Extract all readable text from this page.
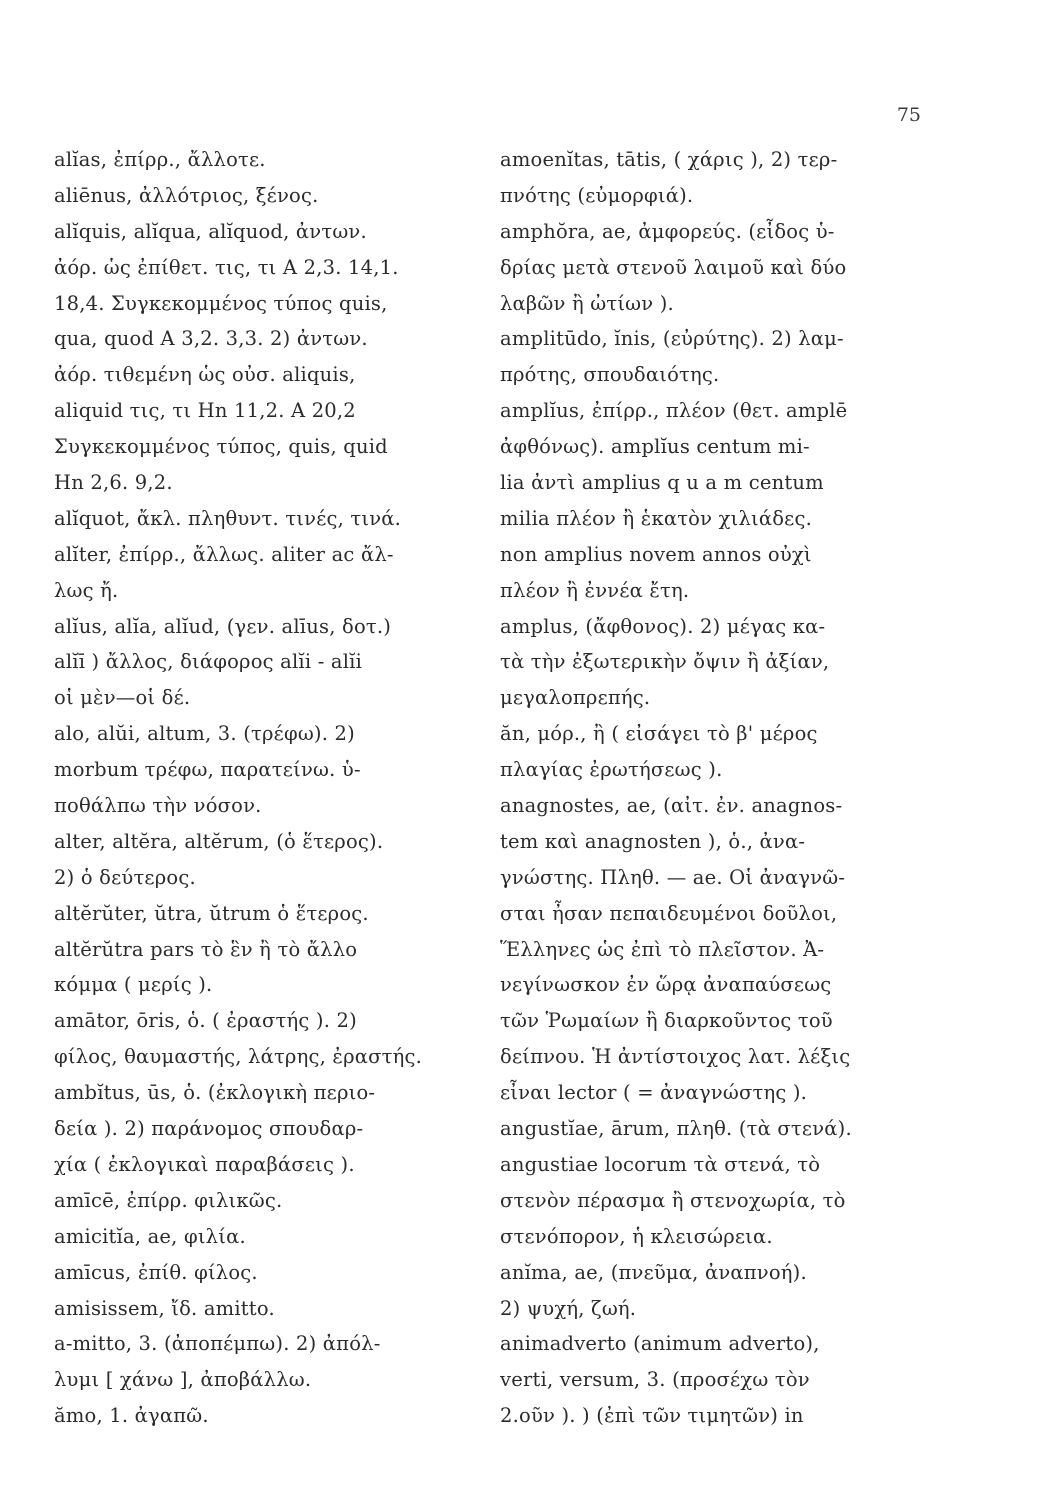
75
alĭas, ἐπίρρ., ἄλλοτε.
aliēnus, ἀλλότριος, ξένος.
alĭquis, alĭqua, alĭquod, ἀντων.
ἀόρ. ὡς ἐπίθετ. τις, τι A 2,3. 14,1.
18,4. Συγκεκομμένος τύπος quis,
qua, quod A 3,2. 3,3. 2) ἀντων.
ἀόρ. τιθεμένη ὡς οὐσ. aliquis,
aliquid τις, τι Hn 11,2. A 20,2
Συγκεκομμένος τύπος, quis, quid
Hn 2,6. 9,2.
alĭquot, ἄκλ. πληθυντ. τινές, τινά.
alĭter, ἐπίρρ., ἄλλως. aliter ac ἄλ-
λως ἤ.
alĭus, alĭa, alĭud, (γεν. alīus, δοτ.)
alĭī ) ἄλλος, διάφορος alĭi - alĭi
οἱ μὲν—οἱ δέ.
alo, alŭi, altum, 3. (τρέφω). 2)
morbum τρέφω, παρατείνω. ὑ-
ποθάλπω τὴν νόσον.
alter, altĕra, altĕrum, (ὁ ἕτερος).
2) ὁ δεύτερος.
altĕrŭter, ŭtra, ŭtrum ὁ ἕτερος.
altĕrŭtra pars τὸ ἓν ἢ τὸ ἄλλο
κόμμα ( μερίς ).
amātor, ōris, ὁ. ( ἐραστής ). 2)
φίλος, θαυμαστής, λάτρης, ἐραστής.
ambĭtus, ūs, ὁ. (ἐκλογικὴ περιο-
δεία ). 2) παράνομος σπουδαρ-
χία ( ἐκλογικαὶ παραβάσεις ).
amīcē, ἐπίρρ. φιλικῶς.
amicitĭa, ae, φιλία.
amīcus, ἐπίθ. φίλος.
amisissem, ἴδ. amitto.
a-mitto, 3. (ἀποπέμπω). 2) ἀπόλ-
λυμι [ χάνω ], ἀποβάλλω.
ămo, 1. ἀγαπῶ.
amoenĭtas, tātis, ( χάρις ), 2) τερ-
πνότης (εὐμορφιά).
amphŏra, ae, ἀμφορεύς. (εἶδος ὑ-
δρίας μετὰ στενοῦ λαιμοῦ καὶ δύο
λαβῶν ἢ ὠτίων ).
amplitūdo, ĭnis, (εὐρύτης). 2) λαμ-
πρότης, σπουδαιότης.
amplĭus, ἐπίρρ., πλέον (θετ. amplē
ἀφθόνως). amplĭus centum mi-
lia ἀντὶ amplius q u a m centum
milia πλέον ἢ ἑκατὸν χιλιάδες.
non amplius novem annos οὐχὶ
πλέον ἢ ἐννέα ἔτη.
amplus, (ἄφθονος). 2) μέγας κα-
τὰ τὴν ἐξωτερικὴν ὄψιν ἢ ἀξίαν,
μεγαλοπρεπής.
ăn, μόρ., ἢ ( εἰσάγει τὸ β' μέρος
πλαγίας ἐρωτήσεως ).
anagnostes, ae, (αἰτ. ἐν. anagnos-
tem καὶ anagnosten ), ὁ., ἀνα-
γνώστης. Πληθ. — ae. Οἱ ἀναγνῶ-
σται ἦσαν πεπαιδευμένοι δοῦλοι,
Ἕλληνες ὡς ἐπὶ τὸ πλεῖστον. Ἀ-
νεγίνωσκον ἐν ὥρᾳ ἀναπαύσεως
τῶν Ῥωμαίων ἢ διαρκοῦντος τοῦ
δείπνου. Ἡ ἀντίστοιχος λατ. λέξις
εἶναι lector ( = ἀναγνώστης ).
angustĭae, ārum, πληθ. (τὰ στενά).
angustiae locorum τὰ στενά, τὸ
στενὸν πέρασμα ἢ στενοχωρία, τὸ
στενόπορον, ἡ κλεισώρεια.
anĭma, ae, (πνεῦμα, ἀναπνοή).
2) ψυχή, ζωή.
animadverto (animum adverto),
verti, versum, 3. (προσέχω τὸν
2.οῦν ). ) (ἐπὶ τῶν τιμητῶν) in
